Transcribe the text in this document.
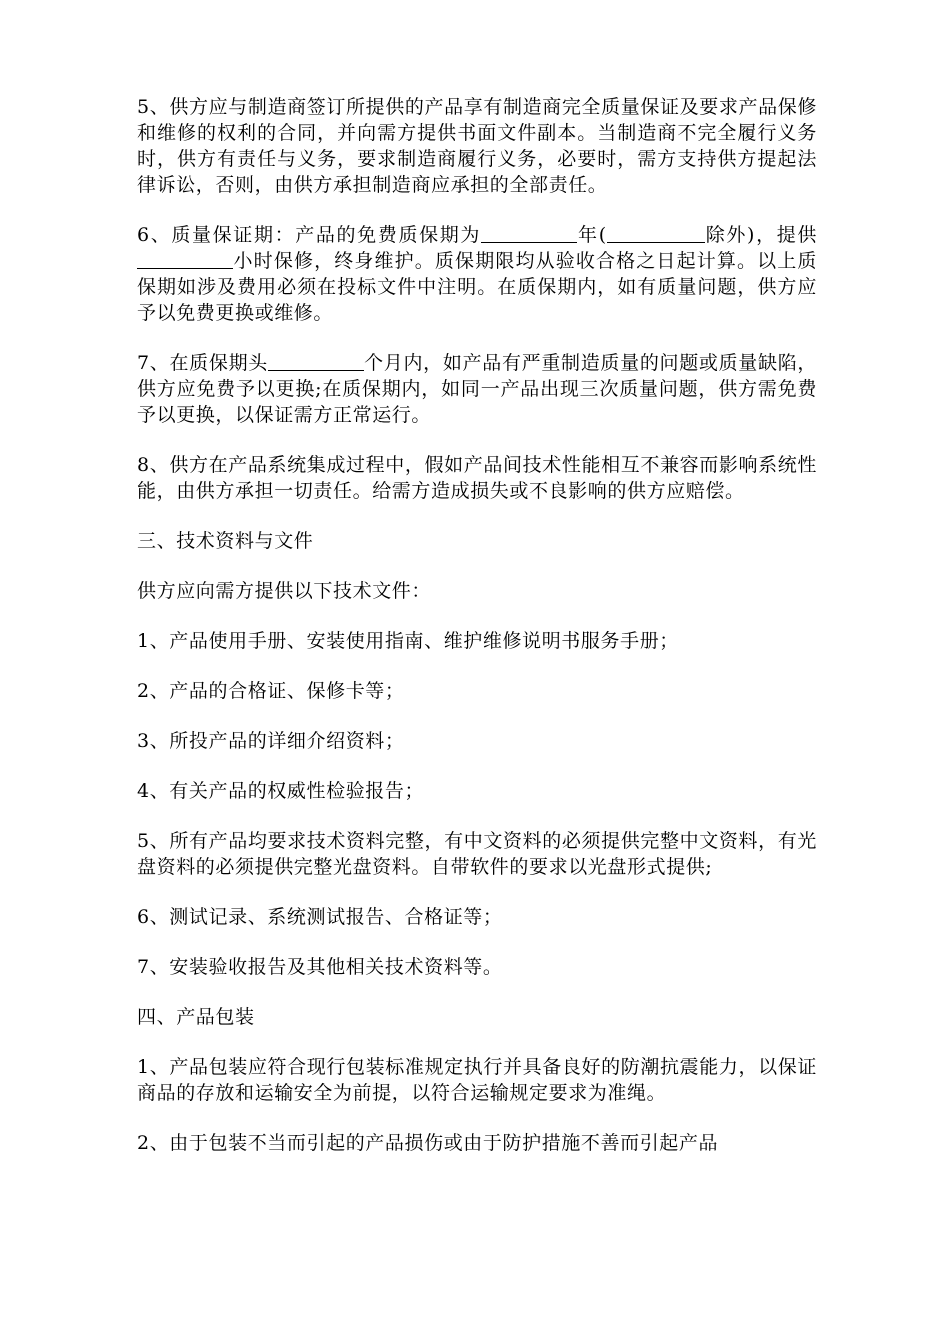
5、供方应与制造商签订所提供的产品享有制造商完全质量保证及要求产品保修和维修的权利的合同，并向需方提供书面文件副本。当制造商不完全履行义务时，供方有责任与义务，要求制造商履行义务，必要时，需方支持供方提起法律诉讼，否则，由供方承担制造商应承担的全部责任。

6、质量保证期：产品的免费质保期为	年(	除外)，提供小时保修，终身维护。质保期限均从验收合格之日起计算。以上质保期如涉及费用必须在投标文件中注明。在质保期内，如有质量问题，供方应予以免费更换或维修。

7、在质保期头	个月内，如产品有严重制造质量的问题或质量缺陷，供方应免费予以更换;在质保期内，如同一产品出现三次质量问题，供方需免费予以更换，以保证需方正常运行。

8、供方在产品系统集成过程中，假如产品间技术性能相互不兼容而影响系统性能，由供方承担一切责任。给需方造成损失或不良影响的供方应赔偿。

三、技术资料与文件

供方应向需方提供以下技术文件：

1、产品使用手册、安装使用指南、维护维修说明书服务手册；

2、产品的合格证、保修卡等；

3、所投产品的详细介绍资料；

4、有关产品的权威性检验报告；

5、所有产品均要求技术资料完整，有中文资料的必须提供完整中文资料，有光盘资料的必须提供完整光盘资料。自带软件的要求以光盘形式提供;

6、测试记录、系统测试报告、合格证等；

7、安装验收报告及其他相关技术资料等。

四、产品包装

1、产品包装应符合现行包装标准规定执行并具备良好的防潮抗震能力，以保证商品的存放和运输安全为前提，以符合运输规定要求为准绳。

2、由于包装不当而引起的产品损伤或由于防护措施不善而引起产品
